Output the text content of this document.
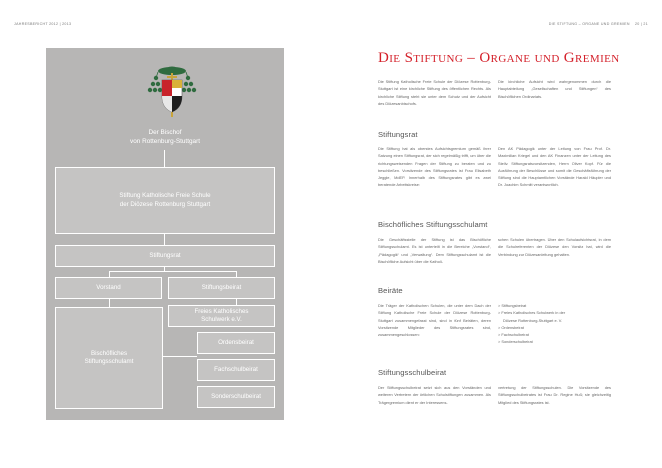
JAHRESBERICHT 2012 | 2013
Der Bischof
von Rottenburg-Stuttgart
Stiftung Katholische Freie Schule
der Diözese Rottenburg Stuttgart
Stiftungsrat
Vorstand	Stiftungsbeirat
Freies Katholisches
Schulwerk e.V.
Bischöfliches
Stiftungsschulamt
Ordensbeirat
Fachschulbeirat
Sonderschulbeirat
DIE STIFTUNG – ORGANE UND GREMIEN 20 | 21
Die Stiftung – Organe und Gremien
Die Stiftung Katholische Freie Schule der Diözese Rottenburg-Stuttgart ist eine kirchliche Stiftung des öffentlichen Rechts. Als kirchliche Stiftung steht sie unter dem Schutz und der Aufsicht des Diözesanbischofs.
Die kirchliche Aufsicht wird wahrgenommen durch die Hauptabteilung „Gesellschaften und Stiftungen“ des Bischöflichen Ordinariats.
Stiftungsrat
Die Stiftung hat als oberstes Aufsichtsgremium gemäß ihrer Satzung einen Stiftungsrat, der sich regelmäßig trifft, um über die richtungsweisenden Fragen der Stiftung zu beraten und zu beschließen. Vorsitzende des Stiftungsrates ist Frau Elisabeth Jeggle, MdEP. Innerhalb des Stiftungsrates gibt es zwei beratende Arbeitskreise:
Den AK Pädagogik unter der Leitung von Frau Prof. Dr. Maximilian Kriegel und den AK Finanzen unter der Leitung des Stellv. Stiftungsratsvorsitzenden, Herrn Oliver Kopf. Für die Ausführung der Beschlüsse und somit die Geschäftsführung der Stiftung sind die Hauptamtlichen Vorstände Harald Häupler und Dr. Joachim Schmitt verantwortlich.
Bischöfliches Stiftungsschulamt
Die Geschäftsstelle der Stiftung ist das Bischöfliche Stiftungsschulamt. Es ist unterteilt in die Bereiche „Vorstand“, „Pädagogik“ und „Verwaltung“. Dem Stiftungsschulamt ist die Bischöfliche Aufsicht über die Katholi-
schen Schulen übertragen. Über den Schulaufsichtsrat, in dem die Schulreferenten der Diözese den Vorsitz hat, wird die Verbindung zur Diözesanleitung gehalten.
Beiräte
Die Träger der Katholischen Schulen, die unter dem Dach der Stiftung Katholische Freie Schule der Diözese Rottenburg-Stuttgart zusammengefasst sind, sind in fünf Beiräten, deren Vorsitzende Mitglieder des Stiftungsrates sind, zusammengeschlossen:
> Stiftungsbeirat
> Freies Katholisches Schulwerk in der
Diözese Rottenburg-Stuttgart e. V.
> Ordensbeirat
> Fachschulbeirat
> Sonderschulbeirat
Stiftungsschulbeirat
Der Stiftungsschulbeirat setzt sich aus den Vorständen und weiteren Vertretern der örtlichen Schulstiftungen zusammen. Als Trägergremium dient er der Interessens-
vertretung der Stiftungsschulen. Die Vorsitzende des Stiftungsschulbeirates ist Frau Dr. Regine Huß; sie gleichzeitig Mitglied des Stiftungsrates ist.
